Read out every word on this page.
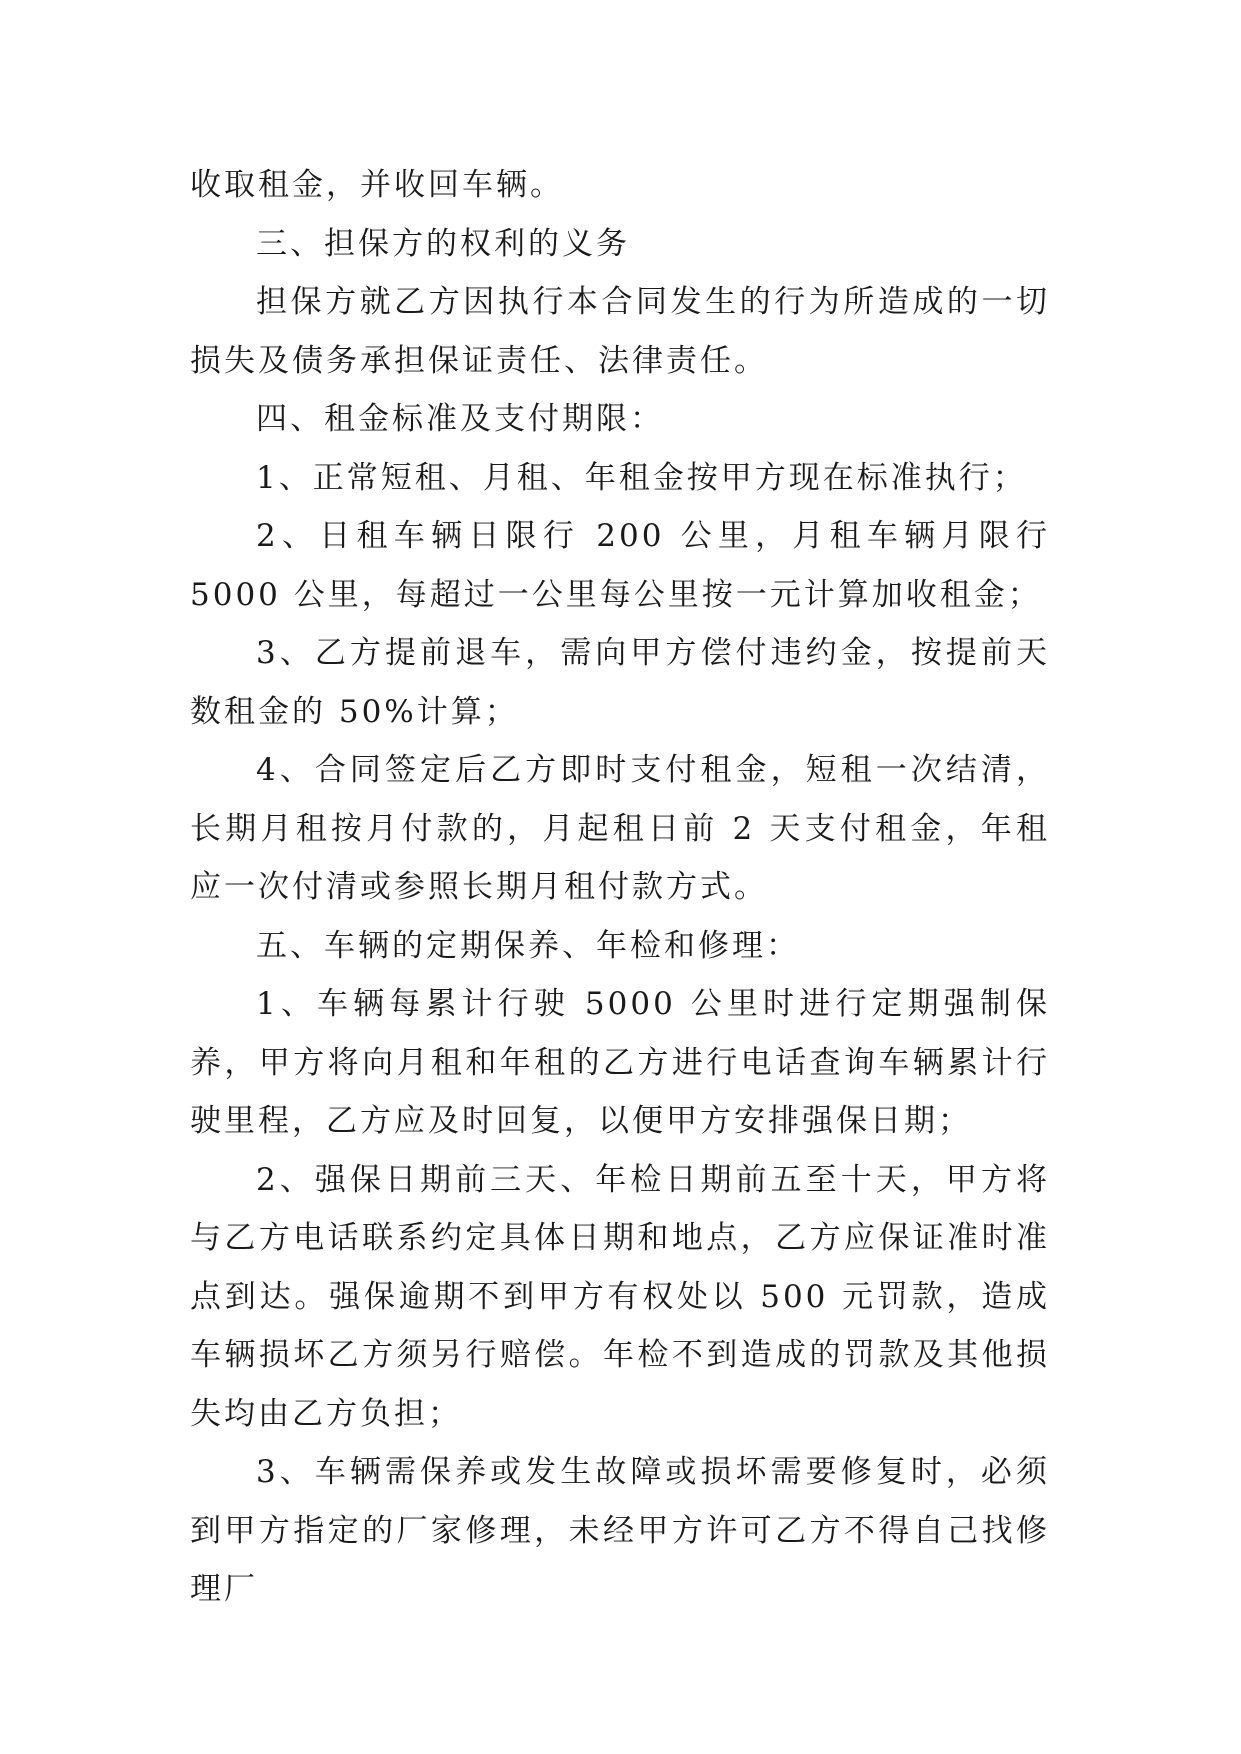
收取租金，并收回车辆。

三、担保方的权利的义务

担保方就乙方因执行本合同发生的行为所造成的一切损失及债务承担保证责任、法律责任。

四、租金标准及支付期限：

1、正常短租、月租、年租金按甲方现在标准执行；

2、日租车辆日限行 200 公里，月租车辆月限行 5000 公里，每超过一公里每公里按一元计算加收租金；

3、乙方提前退车，需向甲方偿付违约金，按提前天数租金的 50%计算；

4、合同签定后乙方即时支付租金，短租一次结清，长期月租按月付款的，月起租日前 2 天支付租金，年租应一次付清或参照长期月租付款方式。

五、车辆的定期保养、年检和修理：

1、车辆每累计行驶 5000 公里时进行定期强制保养，甲方将向月租和年租的乙方进行电话查询车辆累计行驶里程，乙方应及时回复，以便甲方安排强保日期；

2、强保日期前三天、年检日期前五至十天，甲方将与乙方电话联系约定具体日期和地点，乙方应保证准时准点到达。强保逾期不到甲方有权处以 500 元罚款，造成车辆损坏乙方须另行赔偿。年检不到造成的罚款及其他损失均由乙方负担；

3、车辆需保养或发生故障或损坏需要修复时，必须到甲方指定的厂家修理，未经甲方许可乙方不得自己找修理厂
